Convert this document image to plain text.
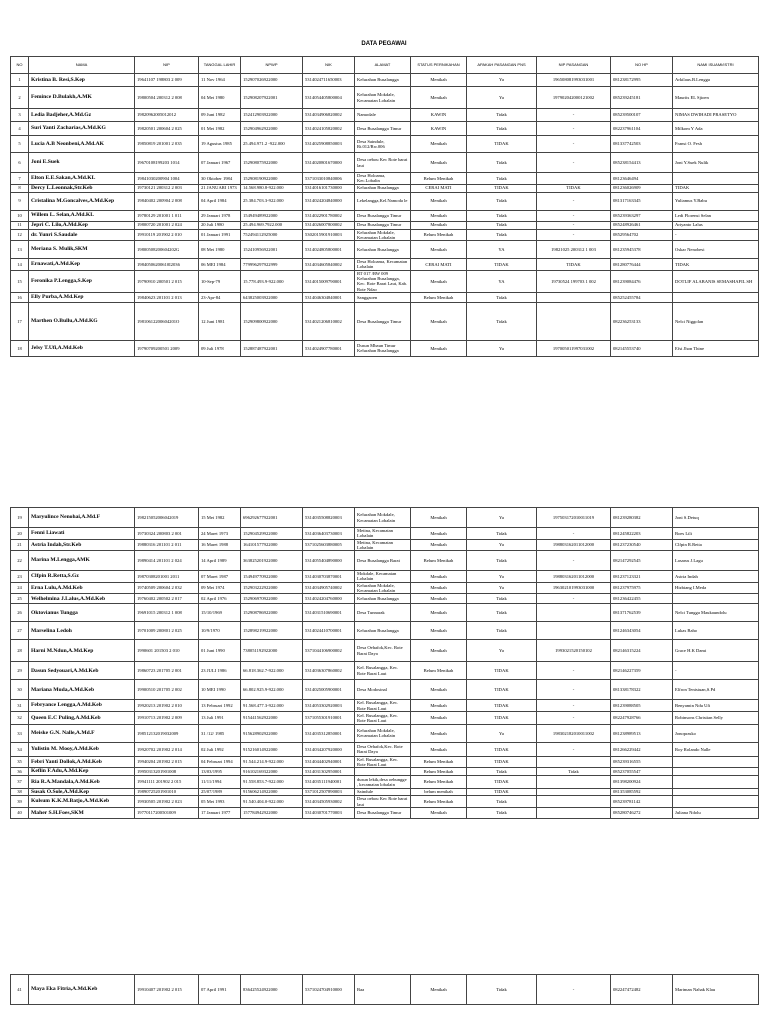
DATA PEGAWAI
NO	NAMA	NIP	TANGGAL LAHIR	NPWP	NIK	ALAMAT	STATUS PERNIKAHAN	APAKAH PASANGAN PNS	NIP PASANGAN	NO HP	NAMI ISUAMI/ISTRI
1	Kristina B. Resi,S.Kep	19641107 198803 2 009	11 Nov 1964	152907026922000	5314024711650003	Kelurahan Busalangga	Menikah	Ya	196508081993031001	081238172995	Arkilaus.B.Lengga
2	Femince D.Bulakh,A.MK	19800504 200312 2 008	04 Mei 1980	152908207922001	5314054405800004	Kelurahan Mokdale, Kecamatan Lobalain	Menikah	Ya	197902042000121002	085239245181	Maurits EL Sjioen
3	Ledia Badjeher,A.Md.Gz	19820962005012012	09 Juni 1982	152412903922000	5314034906820002	Namodale	KAWIN	Tidak	-	085239500107	NIMAS DWIHADI PRASETYO
4	Suri Yanti Zacharias,A.Md.KG	19820501 200604 2 025	01 Mei 1982	152904962922000	5314024105820002	Desa Busalangga Timur	KAWIN	Tidak	-	082237961104	Milkom Y Ada
5	Lucia A.B Neonbeni,A.Md.AK	19850819 201001 2 035	19 Agustus 1985	25.494.971.2 -922.000	5314025908850003	Desa Saindule, Rt.012/Rw.006	Menikah	TIDAK	-	081337742503	Fransi O. Fesh
6	Joni E.Suek	19670108199203 1014	07 Januari 1967	152908075922000	5314020801670000	Desa oebou Kec Rote barat laut	Menikah	Tidak	-	085238154413	Joni Y.Suek Nulik
7	Elton E.E.Sakan,A.Md.KL	19841030200904 1004	30 Oktober 1984	152908190922000	5371033010840006	Desa Holoama, Kec.Lobalin	Belum Menikah	Tidak		08123646494	
8	Dercy L.Leonnak,Str.Keb	19730121 200312 2 003	21 JANUARI 1973	14.568.980.8-922.000	5314016101730000	Kelurahan Busalangga	CERAI MATI	TIDAK	TIDAK	081236026909	TIDAK
9	Cristalina M.Goncalves,A.Md.Kep	19840402 200904 2 008	04 April 1984	25.384.703.3-922.000	5314024204840000	Lekelangga,Kel.Namoda le	Menikah	Tidak	-	081317163345	Yuliamus Y.Babu
10	Willem L. Selan,A.Md.KL	19780129 201001 1 011	29 Januari 1978	154949489922000	5314022901780002	Desa Busalangga Timur	Menikah	Tidak	-	085239363297	Ledi Florensi Selan
11	Jepri C. Lilo,A.Md.Kep	19800720 201001 2 024	20 Juli 1980	25.494.969.7922.000	5314026007800002	Desa Busalangga Timur	Menikah	Tidak	-	085248926461	Ariyanto Lalus
12	dr. Yunri S.Saudale	19910119 201902 2 010	01 Januari 1991	752494112925000	5302015901910003	Kelurahan Mokdale, Kecamatan Lobalain	Belum Menikah	Tidak	-	08529564702	-
13	Meriana S. Mulik,SKM	19800508200604202G	08 Mei 1980	152410956922001	5314024805800001	Kelurahan Busalangga	Menikah	YA	19821025 200312 1 003	081235945378	Oskar Nenobesi
14	Ernawati,A.Md.Kep	19840506200610I2036	06 MEI 1984	779996297922999	5314034605840002	Desa Holoama, Kecamatan Lobalain	CERAI MATI	TIDAK	TIDAK	081280776444	TIDAK
15	Feronika P.Lengga,S.Kep	19790910 200501 2 015	10-Sep-79	15.778.493.9-922.000	5314015009790001	RT 017 /RW 009 Kelurahan Busalangga, Kec. Rote Barat Laut, Kab. Rote Ndao	Menikah	YA	19730524 199703 1 002	081239084476	DOTLIF ALABANIS SEMASHAFIL SH
16	Elly Purba,A.Md.Kep	19840623 201101 2 013	23-Apr-84	643825003922000	5314046304840001	Sanggaoen	Belum Menikah	Tidak		085252455784	
17	Marthen O.Bullu,A.Md.KG	19810612200604201O	12 Juni 1981	152909800922000	5314021206810002	Desa Busalangga Timur	Menikah	Tidak		082236253133	Nelci Niggolan
18	Jelsy T.Ufi,A.Md.Keb	19790709200501 2009	09 Juli 1978	152887487922001	5314024907780001	Dusun Mbaun Timur Kelurahan Busalangga	Menikah	Ya	197005011997031002	082145553740	Efsi Jhon Thine
19	Maryulince Nenohai,A.Md.F	198215052006042019	15 Mei 1982	696292677922001	5314035508820003	Kelurahan Mokdale, Kecamatan Lobalain	Menikah	Ya	197503172010011019	081239280382	Joni S.Detuq
20	Fenni Liawati	19730324 200803 2 001	24 Maret 1973	152904529922000	5314036403730003	Metina, Kecamatan Lobalain	Menikah	Tidak	-	081245822203	Boes Lili
21	Astria Indah,Str.Keb	19880316 201101 2 011	16 Maret 1988	164101577922000	5371025603880005	Metina, Kecamatan Lobalain	Menikah	Ya	198803162011012000	081237230540	Clfpin R.Retta
22	Marina M.Lengga,AMK	19890414 201101 2 024	14 April 1989	363825201922000	5314055404890000	Desa Busalangga Barat	Belum Menikah	Tidak	-	082147292545	Lasarus J.Lagu
23	Clfpin R.Retta,S.Gz	19870308201001 2011	07 Maret 1987	154949770922000	5314030703870001	Mokdale, Kecamatan Lobalain	Menikah	Ya	198803162011012000	081237123321	Astria Indah
24	Erna Lulu,A.Md.Keb	19740509 200604 2 032	09 Mei 1974	152903222922000	5314034905740002	Kelurahan Mokdale, Kecamatan Lobalain	Menikah	Ya	196302101993031000	081237975975	Hizbiang I.Meda
25	Welhelmina J.Lalus,A.Md.Keb	19760402 200502 2 017	02 April 1976	152906970922000	5314024204760000	Kelurahan Busalangga	Menikah	Tidak	-	081236422455	
26	Oktovianus Tungga	19691015 200312 1 008	15/10/1969	152908786922000	5314031510690001	Desa Tunnarak	Menikah	Tidak		081371762539	Nelci Tungga Maukaundolu
27	Marselina Ledoh	19701009 200801 2 025	10/9/1970	152898219922000	5314024410700001	Kelurahan Busalangga	Menikah	Tidak		081246343054	Lukas Baho
28	Harni M.Ndun,A.Md.Kep	1990601 201503 2 010	01 Juni 1990	738051192922000	5371044106900002	Desa Oehafok,Kec. Rote Barat Daya	Menikah	Ya	1993021520150102	082146315224	Grace H.K Dami
29	Dasun Sedyouari,A.Md.Keb	19860723 201705 2 001	23 JULI 1986	66.818.362.7-922.000	5314036307860002	Kel. Busalangga, Kec. Rote Barat Laut	Belum Menikah	TIDAK	-	082146227359	-
30	Mariana Muda,A.Md.Keb	19900510 201705 2 002	10 MEI 1990	66.802.925.9-922.000	5314025005900001	Desa Modosinal	Menikah	TIDAK	-	081338178322	Elfron Tenistuan,S.Pd
31	Febryance Lengga,A.Md.Keb	19920213 201902 2 010	13 Februari 1992	91.568.477.3-922.000	5314053302920003	Kel. Busalangga, Kec. Rote Barat Laut	Menikah	TIDAK	-	081239088505	Benyamin Ndu Ufi
32	Queen E.C Puling,A.Md.Keb	19910713 201902 2 009	13 Juli 1991	915441562922000	5371055301910001	Kel. Busalangga, Kec. Rote Barat Laut	Menikah	TIDAK	-	082247928766	Robinsons Christian Selly
33	Meiske G.N. Nalle,A.Md.F	198512132019032009	31 /12/ 1985	915628902922000	5314035312850001	Kelurahan Mokdale, Kecamatan Lobalain	Menikah	Ya	198302182010011002	081238989513	Jonoprasko
34	Yulistin M. Mooy,A.Md.Keb	19920702 201902 2 014	02 Juli 1992	915216014922000	5314034207920000	Desa Oehafok,Kec. Rote Barat Daya	Menikah	TIDAK	-	081266229442	Roy Rolando Nalle
35	Febri Yanti Dollok,A.Md.Keb	19940204 201902 2 015	04 Februari 1994	91.544.214.9-922.000	5314044402940001	Kel. Busalangga, Kec. Rote Barat Laut	Belum Menikah	TIDAK		085239316555	
36	Keflin F.Adu,A.Md.Kep	19950313201901008	13/03/1995	916102169322000	5314031302950001		Belum Menikah	Tidak	Tidak	085237055547	
37	Ria R.A.Mandala,A.Md.Keb	19941111 201902 2 015	11/11/1994	91.558.853.7-922.000	5314035111940001	dusun lekik,desa oebungge , kecamatan lobalain	Belum Menikah	TIDAK		081398200924	
38	Susak O.Sole,A.Md.Kep	19890725201901010	25/07/1989	915606214922000	5371012507890003	Saindule	belum menikah	TIDAK		081353085592	
39	Kulsum K.K.M.Batjo,A.Md.Keb	19930505 201902 2 023	05 Mei 1993	91.540.404.0-922.000	5314034505930002	Desa oebou Kec Rote barat laut	Belum Menikah	Tidak		085239781142	
40	Maher S.H.Foes,SKM	19770117200501009	17 Januari 1977	157784942922000	5314030701770003	Desa Busalangga Timur	Menikah	Tidak		085280746272	Juliana Ndolu
41	Maya Eka Fitria,A.Md.Keb	19910407 201902 2 015	07 April 1991	836425524922000	5371024704910000	Baa	Menikah	Tidak	-	082247472482	Mariman Nahak Klau
